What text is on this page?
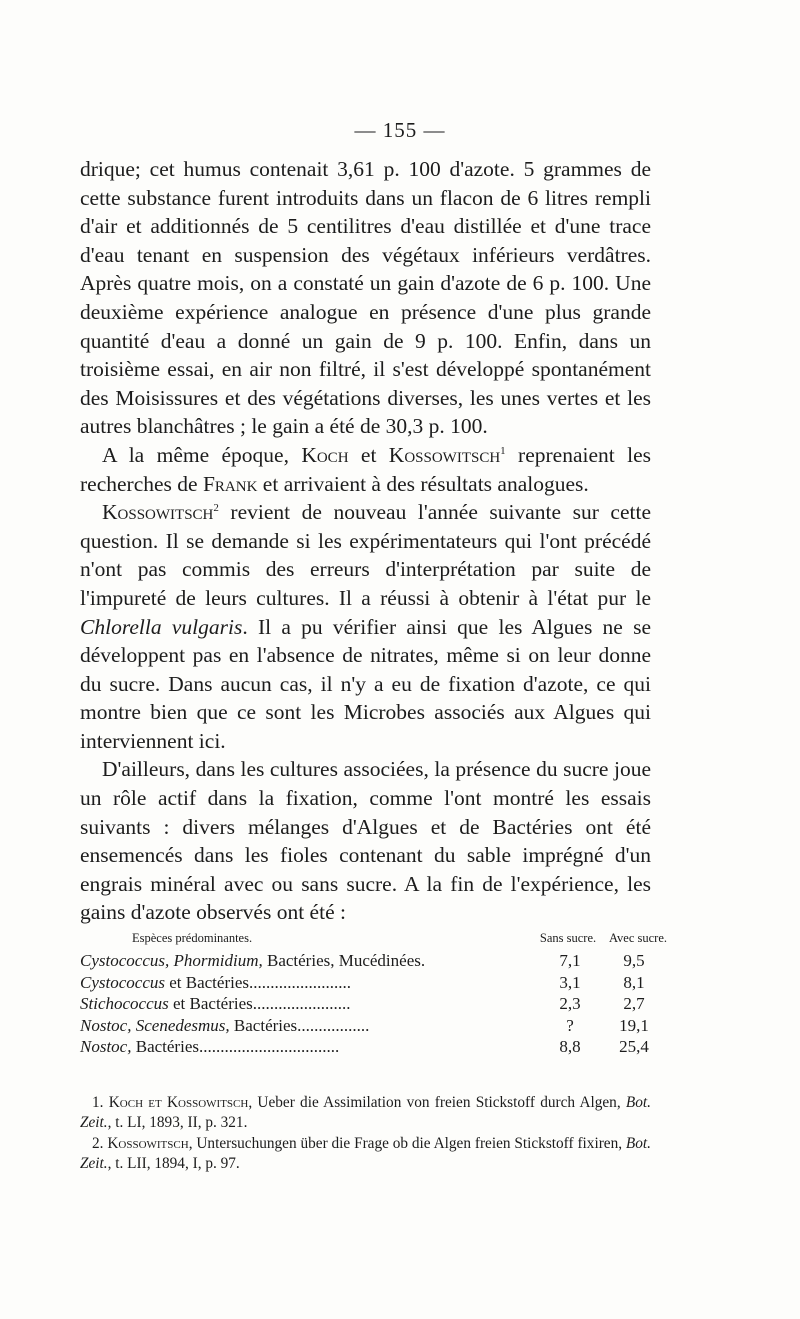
— 155 —

drique; cet humus contenait 3,61 p. 100 d'azote. 5 grammes de cette substance furent introduits dans un flacon de 6 litres rempli d'air et additionnés de 5 centilitres d'eau distillée et d'une trace d'eau tenant en suspension des végétaux inférieurs verdâtres. Après quatre mois, on a constaté un gain d'azote de 6 p. 100. Une deuxième expérience analogue en présence d'une plus grande quantité d'eau a donné un gain de 9 p. 100. Enfin, dans un troisième essai, en air non filtré, il s'est développé spontanément des Moisissures et des végétations diverses, les unes vertes et les autres blanchâtres ; le gain a été de 30,3 p. 100.

A la même époque, Koch et Kossowitsch$^1$ reprenaient les recherches de Frank et arrivaient à des résultats analogues.

Kossowitsch$^2$ revient de nouveau l'année suivante sur cette question. Il se demande si les expérimentateurs qui l'ont précédé n'ont pas commis des erreurs d'interprétation par suite de l'impureté de leurs cultures. Il a réussi à obtenir à l'état pur le Chlorella vulgaris. Il a pu vérifier ainsi que les Algues ne se développent pas en l'absence de nitrates, même si on leur donne du sucre. Dans aucun cas, il n'y a eu de fixation d'azote, ce qui montre bien que ce sont les Microbes associés aux Algues qui interviennent ici.

D'ailleurs, dans les cultures associées, la présence du sucre joue un rôle actif dans la fixation, comme l'ont montré les essais suivants : divers mélanges d'Algues et de Bactéries ont été ensemencés dans les fioles contenant du sable imprégné d'un engrais minéral avec ou sans sucre. A la fin de l'expérience, les gains d'azote observés ont été :

Espèces prédominantes.	Sans sucre.	Avec sucre.
Cystococcus, Phormidium, Bactéries, Mucédinées.	7,1	9,5
Cystococcus et Bactéries........................	3,1	8,1
Stichococcus et Bactéries.......................	2,3	2,7
Nostoc, Scenedesmus, Bactéries.................	?	19,1
Nostoc, Bactéries.................................	8,8	25,4

1. Koch et Kossowitsch, Ueber die Assimilation von freien Stickstoff durch Algen, Bot. Zeit., t. LI, 1893, II, p. 321.

2. Kossowitsch, Untersuchungen über die Frage ob die Algen freien Stickstoff fixiren, Bot. Zeit., t. LII, 1894, I, p. 97.
